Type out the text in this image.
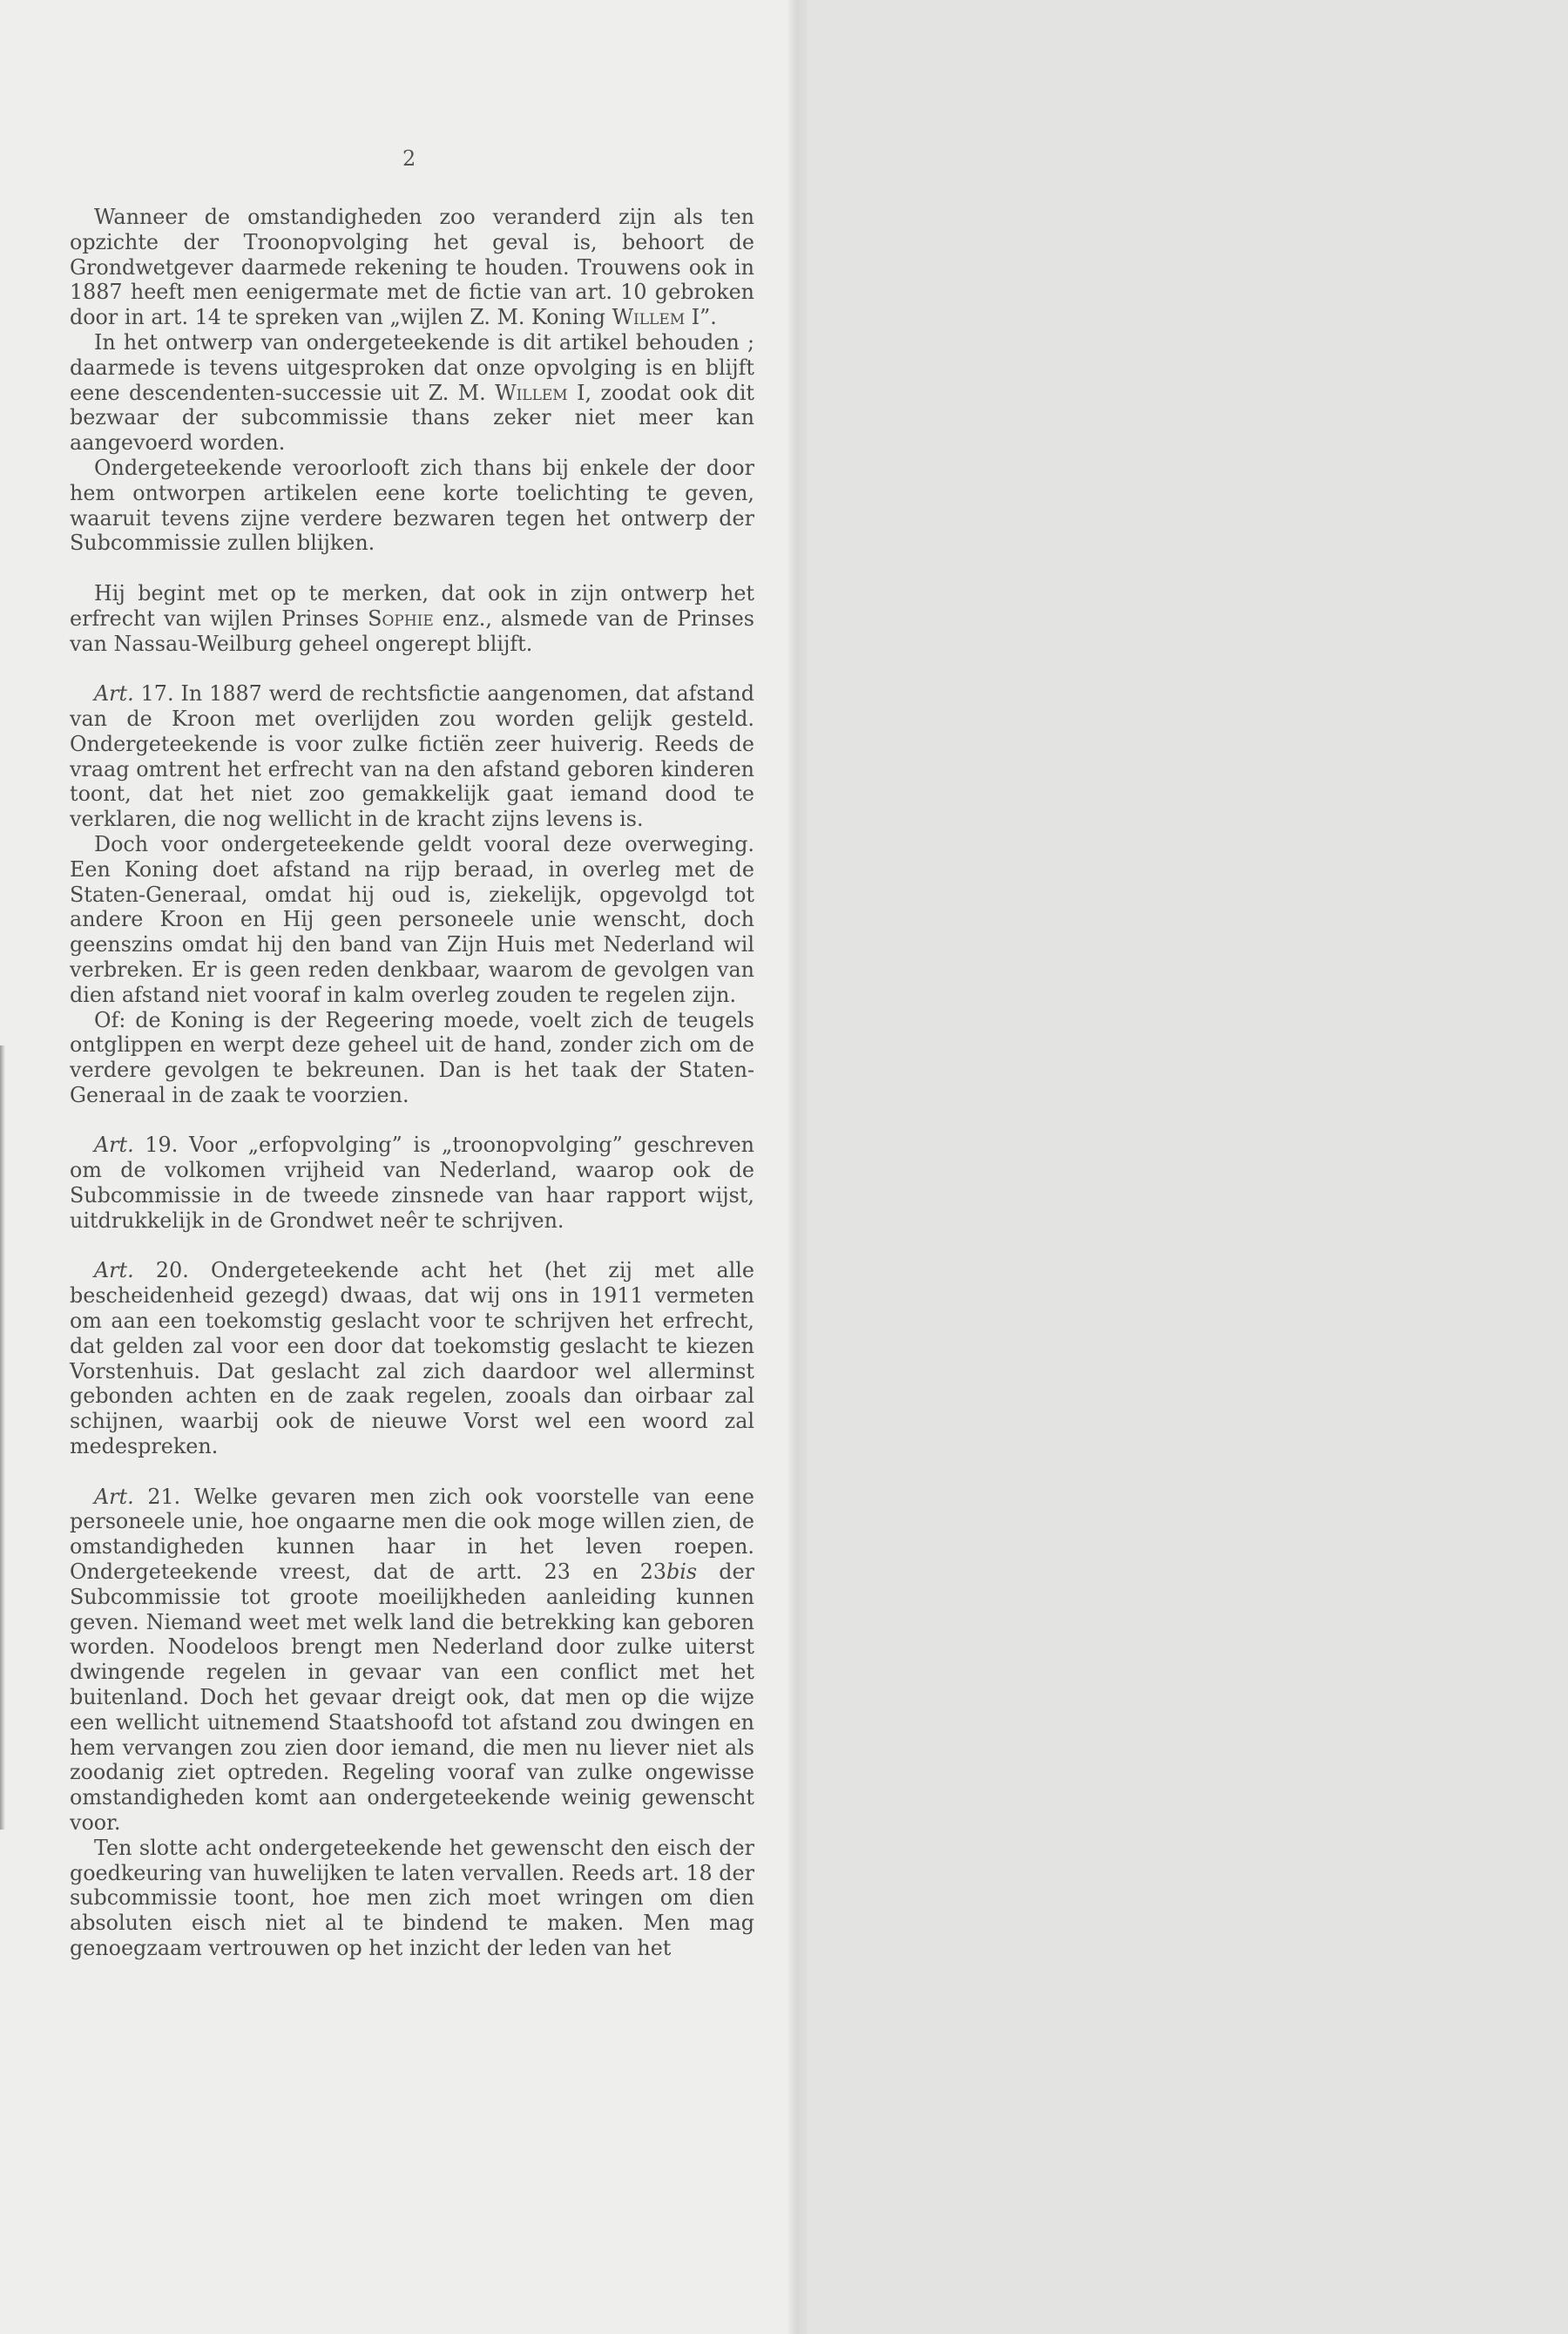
2

Wanneer de omstandigheden zoo veranderd zijn als ten opzichte der Troonopvolging het geval is, behoort de Grondwetgever daarmede rekening te houden. Trouwens ook in 1887 heeft men eenigermate met de fictie van art. 10 gebroken door in art. 14 te spreken van „wijlen Z. M. Koning Willem I”.

In het ontwerp van ondergeteekende is dit artikel behouden ; daarmede is tevens uitgesproken dat onze opvolging is en blijft eene descendenten-successie uit Z. M. Willem I, zoodat ook dit bezwaar der subcommissie thans zeker niet meer kan aangevoerd worden.

Ondergeteekende veroorlooft zich thans bij enkele der door hem ontworpen artikelen eene korte toelichting te geven, waaruit tevens zijne verdere bezwaren tegen het ontwerp der Subcommissie zullen blijken.

Hij begint met op te merken, dat ook in zijn ontwerp het erfrecht van wijlen Prinses Sophie enz., alsmede van de Prinses van Nassau-Weilburg geheel ongerept blijft.

Art. 17. In 1887 werd de rechtsfictie aangenomen, dat afstand van de Kroon met overlijden zou worden gelijk gesteld. Ondergeteekende is voor zulke fictiën zeer huiverig. Reeds de vraag omtrent het erfrecht van na den afstand geboren kinderen toont, dat het niet zoo gemakkelijk gaat iemand dood te verklaren, die nog wellicht in de kracht zijns levens is.

Doch voor ondergeteekende geldt vooral deze overweging. Een Koning doet afstand na rijp beraad, in overleg met de Staten-Generaal, omdat hij oud is, ziekelijk, opgevolgd tot andere Kroon en Hij geen personeele unie wenscht, doch geenszins omdat hij den band van Zijn Huis met Nederland wil verbreken. Er is geen reden denkbaar, waarom de gevolgen van dien afstand niet vooraf in kalm overleg zouden te regelen zijn.

Of: de Koning is der Regeering moede, voelt zich de teugels ontglippen en werpt deze geheel uit de hand, zonder zich om de verdere gevolgen te bekreunen. Dan is het taak der Staten-Generaal in de zaak te voorzien.

Art. 19. Voor „erfopvolging” is „troonopvolging” geschreven om de volkomen vrijheid van Nederland, waarop ook de Subcommissie in de tweede zinsnede van haar rapport wijst, uitdrukkelijk in de Grondwet neêr te schrijven.

Art. 20. Ondergeteekende acht het (het zij met alle bescheidenheid gezegd) dwaas, dat wij ons in 1911 vermeten om aan een toekomstig geslacht voor te schrijven het erfrecht, dat gelden zal voor een door dat toekomstig geslacht te kiezen Vorstenhuis. Dat geslacht zal zich daardoor wel allerminst gebonden achten en de zaak regelen, zooals dan oirbaar zal schijnen, waarbij ook de nieuwe Vorst wel een woord zal medespreken.

Art. 21. Welke gevaren men zich ook voorstelle van eene personeele unie, hoe ongaarne men die ook moge willen zien, de omstandigheden kunnen haar in het leven roepen. Ondergeteekende vreest, dat de artt. 23 en 23bis der Subcommissie tot groote moeilijkheden aanleiding kunnen geven. Niemand weet met welk land die betrekking kan geboren worden. Noodeloos brengt men Nederland door zulke uiterst dwingende regelen in gevaar van een conflict met het buitenland. Doch het gevaar dreigt ook, dat men op die wijze een wellicht uitnemend Staatshoofd tot afstand zou dwingen en hem vervangen zou zien door iemand, die men nu liever niet als zoodanig ziet optreden. Regeling vooraf van zulke ongewisse omstandigheden komt aan ondergeteekende weinig gewenscht voor.

Ten slotte acht ondergeteekende het gewenscht den eisch der goedkeuring van huwelijken te laten vervallen. Reeds art. 18 der subcommissie toont, hoe men zich moet wringen om dien absoluten eisch niet al te bindend te maken. Men mag genoegzaam vertrouwen op het inzicht der leden van het
